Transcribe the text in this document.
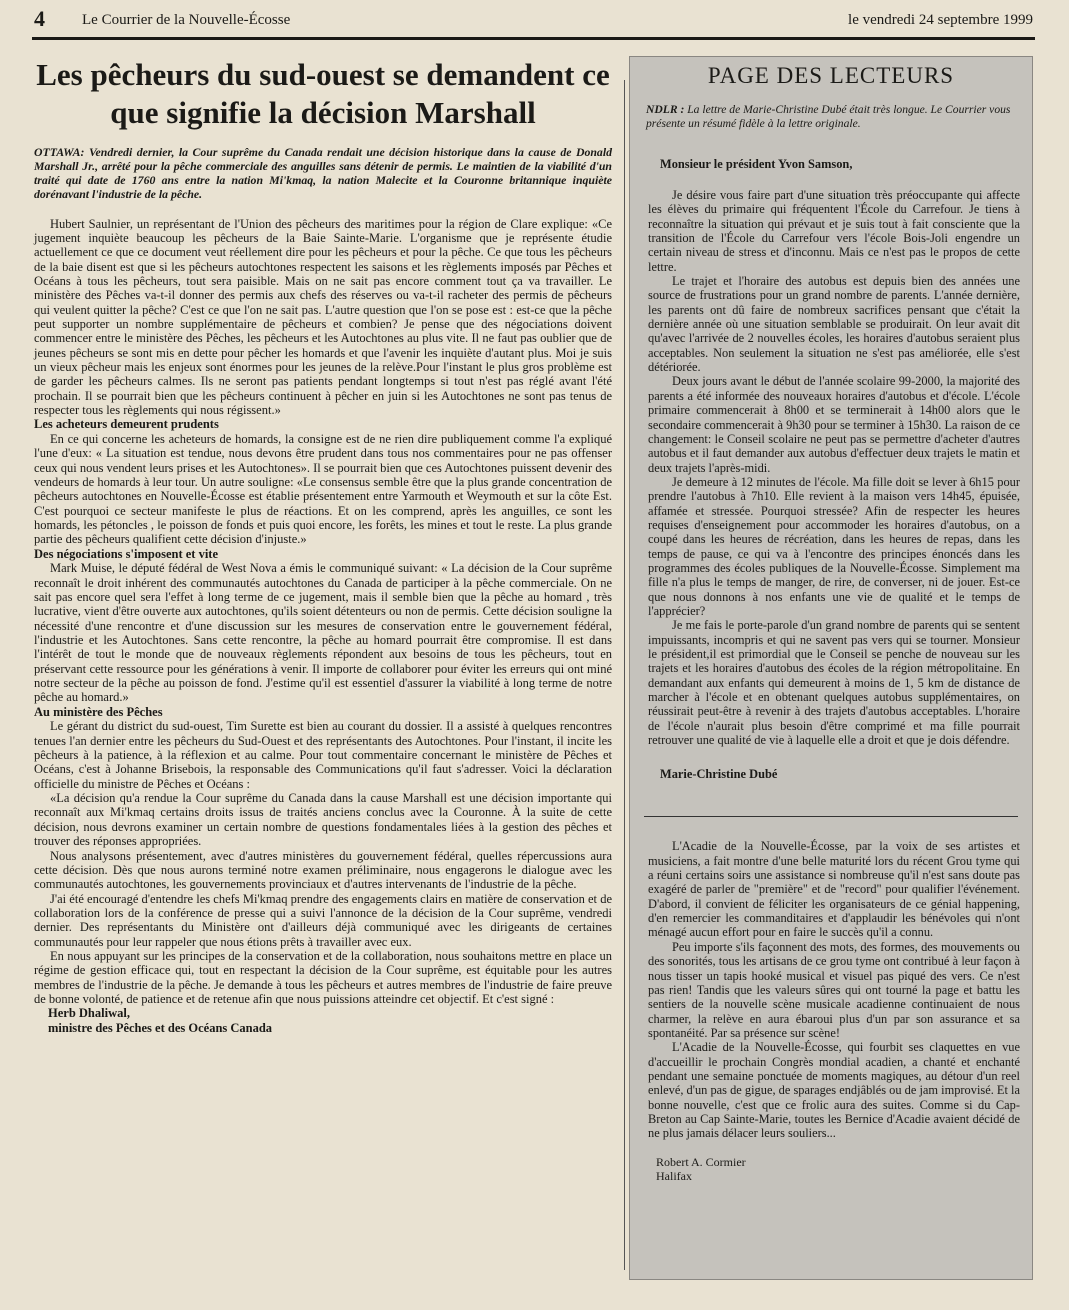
4 Le Courrier de la Nouvelle-Écosse	le vendredi 24 septembre 1999
Les pêcheurs du sud-ouest se demandent ce que signifie la décision Marshall

OTTAWA: Vendredi dernier, la Cour suprême du Canada rendait une décision historique dans la cause de Donald Marshall Jr., arrêté pour la pêche commerciale des anguilles sans détenir de permis. Le maintien de la viabilité d'un traité qui date de 1760 ans entre la nation Mi'kmaq, la nation Malecite et la Couronne britannique inquiète dorénavant l'industrie de la pêche.

Hubert Saulnier, un représentant de l'Union des pêcheurs des maritimes pour la région de Clare explique: «Ce jugement inquiète beaucoup les pêcheurs de la Baie Sainte-Marie. L'organisme que je représente étudie actuellement ce que ce document veut réellement dire pour les pêcheurs et pour la pêche. Ce que tous les pêcheurs de la baie disent est que si les pêcheurs autochtones respectent les saisons et les règlements imposés par Pêches et Océans à tous les pêcheurs, tout sera paisible. Mais on ne sait pas encore comment tout ça va travailler. Le ministère des Pêches va-t-il donner des permis aux chefs des réserves ou va-t-il racheter des permis de pêcheurs qui veulent quitter la pêche? C'est ce que l'on ne sait pas. L'autre question que l'on se pose est : est-ce que la pêche peut supporter un nombre supplémentaire de pêcheurs et combien? Je pense que des négociations doivent commencer entre le ministère des Pêches, les pêcheurs et les Autochtones au plus vite. Il ne faut pas oublier que de jeunes pêcheurs se sont mis en dette pour pêcher les homards et que l'avenir les inquiète d'autant plus. Moi je suis un vieux pêcheur mais les enjeux sont énormes pour les jeunes de la relève.Pour l'instant le plus gros problème est de garder les pêcheurs calmes. Ils ne seront pas patients pendant longtemps si tout n'est pas réglé avant l'été prochain. Il se pourrait bien que les pêcheurs continuent à pêcher en juin si les Autochtones ne sont pas tenus de respecter tous les règlements qui nous régissent.»

Les acheteurs demeurent prudents

En ce qui concerne les acheteurs de homards, la consigne est de ne rien dire publiquement comme l'a expliqué l'une d'eux: « La situation est tendue, nous devons être prudent dans tous nos commentaires pour ne pas offenser ceux qui nous vendent leurs prises et les Autochtones». Il se pourrait bien que ces Autochtones puissent devenir des vendeurs de homards à leur tour. Un autre souligne: «Le consensus semble être que la plus grande concentration de pêcheurs autochtones en Nouvelle-Écosse est établie présentement entre Yarmouth et Weymouth et sur la côte Est. C'est pourquoi ce secteur manifeste le plus de réactions. Et on les comprend, après les anguilles, ce sont les homards, les pétoncles , le poisson de fonds et puis quoi encore, les forêts, les mines et tout le reste. La plus grande partie des pêcheurs qualifient cette décision d'injuste.»

Des négociations s'imposent et vite

Mark Muise, le député fédéral de West Nova a émis le communiqué suivant: « La décision de la Cour suprême reconnaît le droit inhérent des communautés autochtones du Canada de participer à la pêche commerciale. On ne sait pas encore quel sera l'effet à long terme de ce jugement, mais il semble bien que la pêche au homard , très lucrative, vient d'être ouverte aux autochtones, qu'ils soient détenteurs ou non de permis. Cette décision souligne la nécessité d'une rencontre et d'une discussion sur les mesures de conservation entre le gouvernement fédéral, l'industrie et les Autochtones. Sans cette rencontre, la pêche au homard pourrait être compromise. Il est dans l'intérêt de tout le monde que de nouveaux règlements répondent aux besoins de tous les pêcheurs, tout en préservant cette ressource pour les générations à venir. Il importe de collaborer pour éviter les erreurs qui ont miné notre secteur de la pêche au poisson de fond. J'estime qu'il est essentiel d'assurer la viabilité à long terme de notre pêche au homard.»

Au ministère des Pêches

Le gérant du district du sud-ouest, Tim Surette est bien au courant du dossier. Il a assisté à quelques rencontres tenues l'an dernier entre les pêcheurs du Sud-Ouest et des représentants des Autochtones. Pour l'instant, il incite les pêcheurs à la patience, à la réflexion et au calme. Pour tout commentaire concernant le ministère de Pêches et Océans, c'est à Johanne Brisebois, la responsable des Communications qu'il faut s'adresser. Voici la déclaration officielle du ministre de Pêches et Océans :

«La décision qu'a rendue la Cour suprême du Canada dans la cause Marshall est une décision importante qui reconnaît aux Mi'kmaq certains droits issus de traités anciens conclus avec la Couronne. À la suite de cette décision, nous devrons examiner un certain nombre de questions fondamentales liées à la gestion des pêches et trouver des réponses appropriées.

Nous analysons présentement, avec d'autres ministères du gouvernement fédéral, quelles répercussions aura cette décision. Dès que nous aurons terminé notre examen préliminaire, nous engagerons le dialogue avec les communautés autochtones, les gouvernements provinciaux et d'autres intervenants de l'industrie de la pêche.

J'ai été encouragé d'entendre les chefs Mi'kmaq prendre des engagements clairs en matière de conservation et de collaboration lors de la conférence de presse qui a suivi l'annonce de la décision de la Cour suprême, vendredi dernier. Des représentants du Ministère ont d'ailleurs déjà communiqué avec les dirigeants de certaines communautés pour leur rappeler que nous étions prêts à travailler avec eux.

En nous appuyant sur les principes de la conservation et de la collaboration, nous souhaitons mettre en place un régime de gestion efficace qui, tout en respectant la décision de la Cour suprême, est équitable pour les autres membres de l'industrie de la pêche. Je demande à tous les pêcheurs et autres membres de l'industrie de faire preuve de bonne volonté, de patience et de retenue afin que nous puissions atteindre cet objectif. Et c'est signé :

Herb Dhaliwal,
ministre des Pêches et des Océans Canada
PAGE DES LECTEURS
NDLR : La lettre de Marie-Christine Dubé était très longue. Le Courrier vous présente un résumé fidèle à la lettre originale.
Monsieur le président Yvon Samson,

Je désire vous faire part d'une situation très préoccupante qui affecte les élèves du primaire qui fréquentent l'École du Carrefour. Je tiens à reconnaître la situation qui prévaut et je suis tout à fait consciente que la transition de l'École du Carrefour vers l'école Bois-Joli engendre un certain niveau de stress et d'inconnu. Mais ce n'est pas le propos de cette lettre.

Le trajet et l'horaire des autobus est depuis bien des années une source de frustrations pour un grand nombre de parents. L'année dernière, les parents ont dû faire de nombreux sacrifices pensant que c'était la dernière année où une situation semblable se produirait. On leur avait dit qu'avec l'arrivée de 2 nouvelles écoles, les horaires d'autobus seraient plus acceptables. Non seulement la situation ne s'est pas améliorée, elle s'est détériorée.

Deux jours avant le début de l'année scolaire 99-2000, la majorité des parents a été informée des nouveaux horaires d'autobus et d'école. L'école primaire commencerait à 8h00 et se terminerait à 14h00 alors que le secondaire commencerait à 9h30 pour se terminer à 15h30. La raison de ce changement: le Conseil scolaire ne peut pas se permettre d'acheter d'autres autobus et il faut demander aux autobus d'effectuer deux trajets le matin et deux trajets l'après-midi.

Je demeure à 12 minutes de l'école. Ma fille doit se lever à 6h15 pour prendre l'autobus à 7h10. Elle revient à la maison vers 14h45, épuisée, affamée et stressée. Pourquoi stressée? Afin de respecter les heures requises d'enseignement pour accommoder les horaires d'autobus, on a coupé dans les heures de récréation, dans les heures de repas, dans les temps de pause, ce qui va à l'encontre des principes énoncés dans les programmes des écoles publiques de la Nouvelle-Écosse. Simplement ma fille n'a plus le temps de manger, de rire, de converser, ni de jouer. Est-ce que nous donnons à nos enfants une vie de qualité et le temps de l'apprécier?

Je me fais le porte-parole d'un grand nombre de parents qui se sentent impuissants, incompris et qui ne savent pas vers qui se tourner. Monsieur le président,il est primordial que le Conseil se penche de nouveau sur les trajets et les horaires d'autobus des écoles de la région métropolitaine. En demandant aux enfants qui demeurent à moins de 1, 5 km de distance de marcher à l'école et en obtenant quelques autobus supplémentaires, on réussirait peut-être à revenir à des trajets d'autobus acceptables. L'horaire de l'école n'aurait plus besoin d'être comprimé et ma fille pourrait retrouver une qualité de vie à laquelle elle a droit et que je dois défendre.

Marie-Christine Dubé

L'Acadie de la Nouvelle-Écosse, par la voix de ses artistes et musiciens, a fait montre d'une belle maturité lors du récent Grou tyme qui a réuni certains soirs une assistance si nombreuse qu'il n'est sans doute pas exagéré de parler de "première" et de "record" pour qualifier l'événement. D'abord, il convient de féliciter les organisateurs de ce génial happening, d'en remercier les commanditaires et d'applaudir les bénévoles qui n'ont ménagé aucun effort pour en faire le succès qu'il a connu.

Peu importe s'ils façonnent des mots, des formes, des mouvements ou des sonorités, tous les artisans de ce grou tyme ont contribué à leur façon à nous tisser un tapis hooké musical et visuel pas piqué des vers. Ce n'est pas rien! Tandis que les valeurs sûres qui ont tourné la page et battu les sentiers de la nouvelle scène musicale acadienne continuaient de nous charmer, la relève en aura ébaroui plus d'un par son assurance et sa spontanéité. Par sa présence sur scène!

L'Acadie de la Nouvelle-Écosse, qui fourbit ses claquettes en vue d'accueillir le prochain Congrès mondial acadien, a chanté et enchanté pendant une semaine ponctuée de moments magiques, au détour d'un reel enlevé, d'un pas de gigue, de sparages endjâblés ou de jam improvisé. Et la bonne nouvelle, c'est que ce frolic aura des suites. Comme si du Cap-Breton au Cap Sainte-Marie, toutes les Bernice d'Acadie avaient décidé de ne plus jamais délacer leurs souliers...

Robert A. Cormier
Halifax
